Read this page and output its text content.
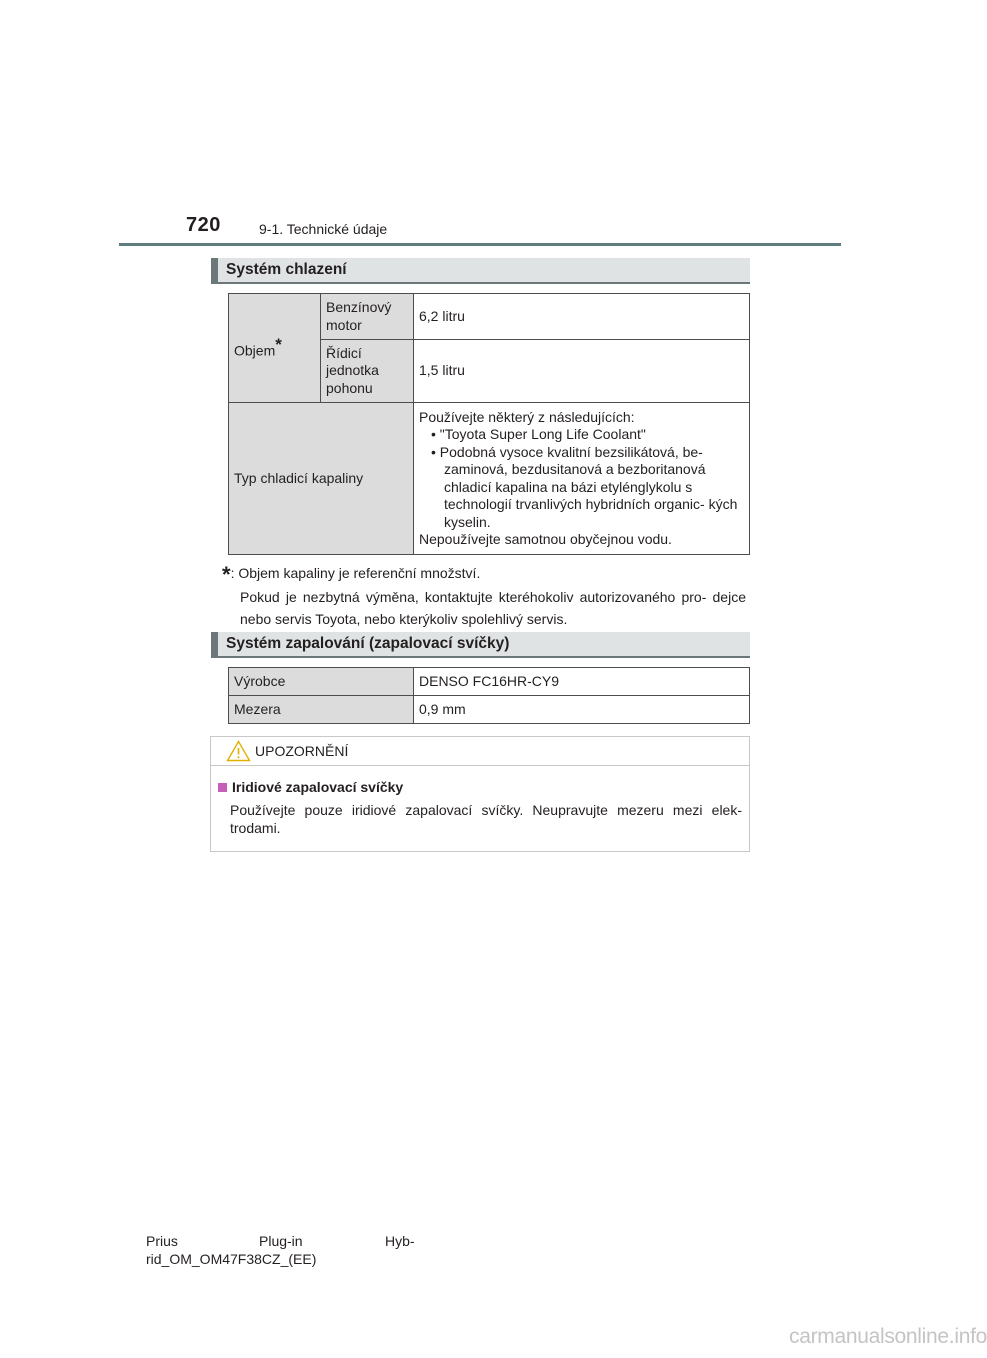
720	9-1. Technické údaje
Systém chlazení
Objem*	Benzínový motor	6,2 litru
	Řídicí jednotka pohonu	1,5 litru
Typ chladicí kapaliny		Používejte některý z následujících:
• "Toyota Super Long Life Coolant"
• Podobná vysoce kvalitní bezsilikátová, be- zaminová, bezdusitanová a bezboritanová chladicí kapalina na bázi etylénglykolu s technologií trvanlivých hybridních organic- kých kyselin.
Nepoužívejte samotnou obyčejnou vodu.
*: Objem kapaliny je referenční množství.
Pokud je nezbytná výměna, kontaktujte kteréhokoliv autorizovaného pro- dejce nebo servis Toyota, nebo kterýkoliv spolehlivý servis.
Systém zapalování (zapalovací svíčky)
Výrobce	DENSO FC16HR-CY9
Mezera	0,9 mm
UPOZORNĚNÍ
Iridiové zapalovací svíčky
Používejte pouze iridiové zapalovací svíčky. Neupravujte mezeru mezi elek- trodami.
Prius	Plug-in	Hyb-
rid_OM_OM47F38CZ_(EE)
carmanualsonline.info
